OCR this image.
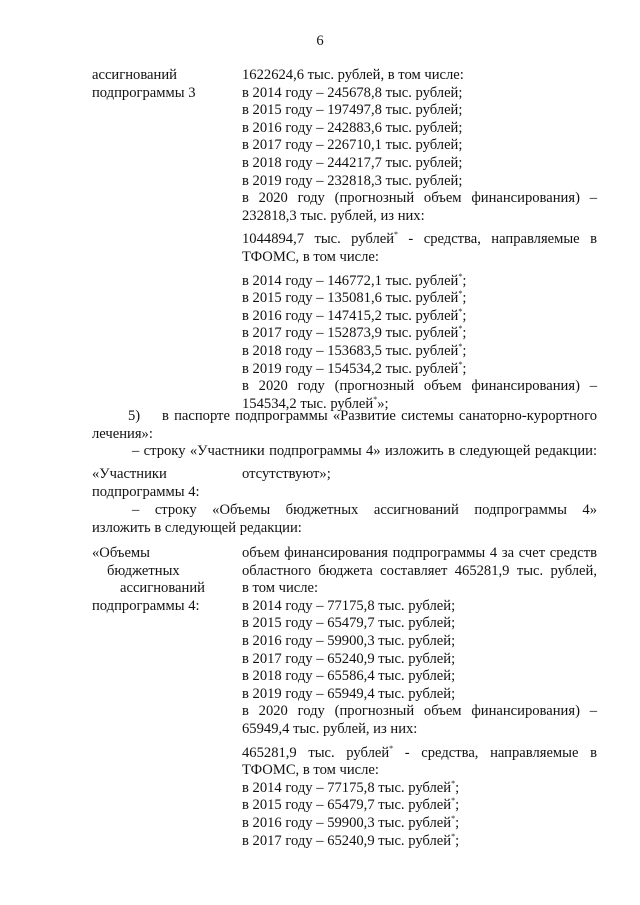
6
ассигнований
подпрограммы 3
1622624,6 тыс. рублей, в том числе:
в 2014 году – 245678,8 тыс. рублей;
в 2015 году – 197497,8 тыс. рублей;
в 2016 году – 242883,6 тыс. рублей;
в 2017 году – 226710,1 тыс. рублей;
в 2018 году – 244217,7 тыс. рублей;
в 2019 году – 232818,3 тыс. рублей;
в 2020 году (прогнозный объем финансирования) –
232818,3 тыс. рублей, из них:
1044894,7 тыс. рублей* - средства, направляемые в
ТФОМС, в том числе:
в 2014 году – 146772,1 тыс. рублей*;
в 2015 году – 135081,6 тыс. рублей*;
в 2016 году – 147415,2 тыс. рублей*;
в 2017 году – 152873,9 тыс. рублей*;
в 2018 году – 153683,5 тыс. рублей*;
в 2019 году – 154534,2 тыс. рублей*;
в 2020 году (прогнозный объем финансирования) –
154534,2 тыс. рублей*»;
5) в паспорте подпрограммы «Развитие системы санаторно-курортного
лечения»:
– строку «Участники подпрограммы 4» изложить в следующей редакции:
«Участники
подпрограммы 4:
отсутствуют»;
– строку «Объемы бюджетных ассигнований подпрограммы 4»
изложить в следующей редакции:
«Объемы
бюджетных
ассигнований
подпрограммы 4:
объем финансирования подпрограммы 4 за счет средств
областного бюджета составляет 465281,9 тыс. рублей,
в том числе:
в 2014 году – 77175,8 тыс. рублей;
в 2015 году – 65479,7 тыс. рублей;
в 2016 году – 59900,3 тыс. рублей;
в 2017 году – 65240,9 тыс. рублей;
в 2018 году – 65586,4 тыс. рублей;
в 2019 году – 65949,4 тыс. рублей;
в 2020 году (прогнозный объем финансирования) –
65949,4 тыс. рублей, из них:
465281,9 тыс. рублей* - средства, направляемые в
ТФОМС, в том числе:
в 2014 году – 77175,8 тыс. рублей*;
в 2015 году – 65479,7 тыс. рублей*;
в 2016 году – 59900,3 тыс. рублей*;
в 2017 году – 65240,9 тыс. рублей*;
